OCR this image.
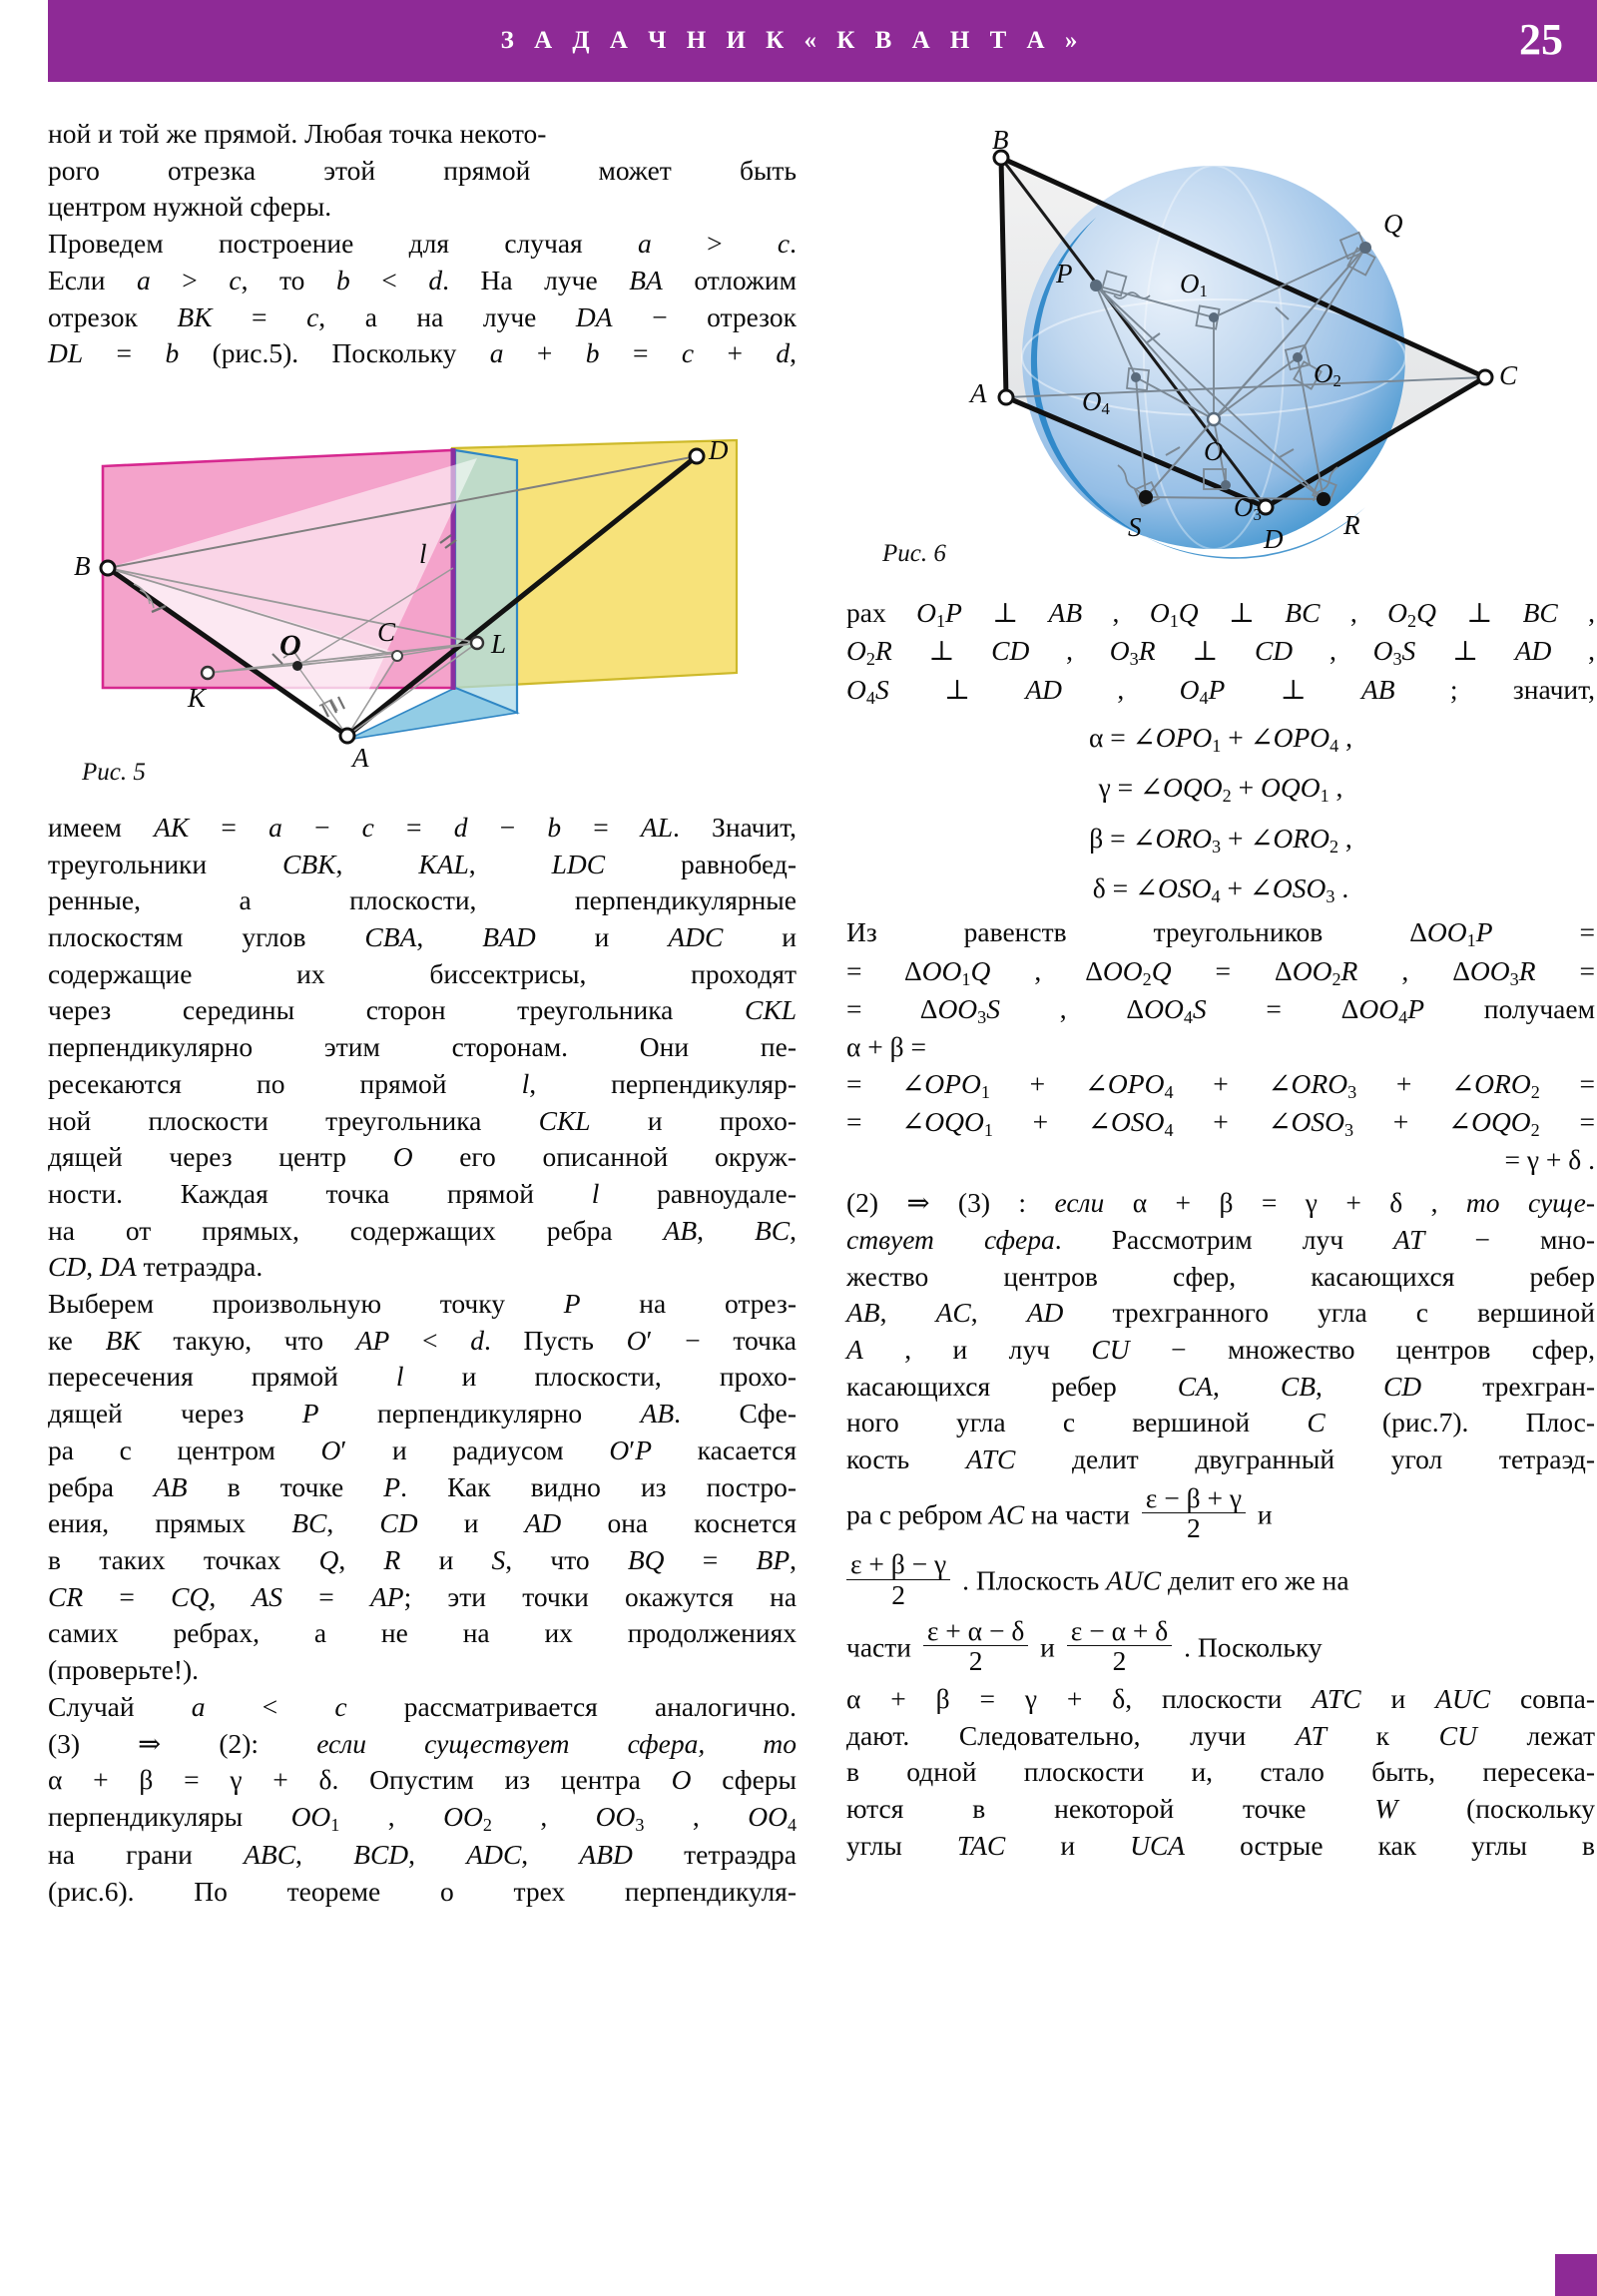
З А Д А Ч Н И К « К В А Н Т А »	25

ной и той же прямой. Любая точка некото-
рого отрезка этой прямой может быть
центром нужной сферы.

Проведем построение для случая a > c. Если a > c, то b < d. На луче BA отложим отрезок BK = c, а на луче DA − отрезок DL = b (рис.5). Поскольку a + b = c + d,

B
C
D
K
L
O
A
l
Рис. 5

имеем AK = a − c = d − b = AL. Значит,

треугольники CBK, KAL, LDC равнобед-

ренные, а плоскости, перпендикулярные

плоскостям углов CBA, BAD и ADC и

содержащие их биссектрисы, проходят

через середины сторон треугольника CKL

перпендикулярно этим сторонам. Они пе-

ресекаются по прямой l, перпендикуляр-

ной плоскости треугольника CKL и прохо-

дящей через центр O его описанной окруж-

ности. Каждая точка прямой l равноудале-

на от прямых, содержащих ребра AB, BC,

CD, DA тетраэдра.

Выберем произвольную точку P на отрез-

ке BK такую, что AP < d. Пусть O′ − точка

пересечения прямой l и плоскости, прохо-

дящей через P перпендикулярно AB. Сфе-

ра с центром O′ и радиусом O′P касается

ребра AB в точке P. Как видно из постро-

ения, прямых BC, CD и AD она коснется

в таких точках Q, R и S, что BQ = BP,

CR = CQ, AS = AP; эти точки окажутся на

самих ребрах, а не на их продолжениях

(проверьте!).

Случай a < c рассматривается аналогично.

(3) ⇒ (2): если существует сфера, то

α + β = γ + δ. Опустим из центра O сферы

перпендикуляры $OO_1$ , $OO_2$ , $OO_3$ , $OO_4$

на грани ABC, BCD, ADC, ABD тетраэдра

(рис.6). По теореме о трех перпендикуля-

B
Q
P	$O_1$
$O_2$
$O_4$
O
C
A
S
$O_3$	R
D
Рис. 6

рах $O_1P$ ⊥ AB , $O_1Q$ ⊥ BC , $O_2Q$ ⊥ BC ,

$O_2R$ ⊥ CD , $O_3R$ ⊥ CD , $O_3S$ ⊥ AD ,

$O_4S$ ⊥ AD , $O_4P$ ⊥ AB ; значит,

$\alpha = \angle OPO_1$ + $\angle OPO_4$ ,

$\gamma = \angle OQO_2 + OQO_1$ ,

$\beta = \angle ORO_3$ + $\angle ORO_2$ ,

$\delta = \angle OSO_4$ + $\angle OSO_3$ .

Из равенств треугольников $\Delta OO_1P$ =

= $\Delta OO_1Q$ , $\Delta OO_2Q = \Delta OO_2R$ , $\Delta OO_3R$ =

= $\Delta OO_3S$ , $\Delta OO_4S = \Delta OO_4P$ получаем

α + β =

= $\angle OPO_1$ + $\angle OPO_4$ + $\angle ORO_3$ + $\angle ORO_2$ =

= $\angle OQO_1$ + $\angle OSO_4$ + $\angle OSO_3$ + $\angle OQO_2$ =

= γ + δ .

(2) ⇒ (3) : если α + β = γ + δ , то суще-

ствует сфера. Рассмотрим луч AT − мно-

жество центров сфер, касающихся ребер

AB, AC, AD трехгранного угла с вершиной

A , и луч CU − множество центров сфер,

касающихся ребер CA, CB, CD трехгран-

ного угла с вершиной C (рис.7). Плос-

кость ATC делит двугранный угол тетраэд-

ра с ребром AC на части $\frac{\varepsilon - \beta + \gamma}{2}$ и

$\frac{\varepsilon + \beta - \gamma}{2}$ . Плоскость AUC делит его же на

части $\frac{\varepsilon + \alpha - \delta}{2}$ и $\frac{\varepsilon - \alpha + \delta}{2}$ . Поскольку

α + β = γ + δ, плоскости ATC и AUC совпа-

дают. Следовательно, лучи AT к CU лежат

в одной плоскости и, стало быть, пересека-

ются в некоторой точке W (поскольку

углы TAC и UCA острые как углы в
